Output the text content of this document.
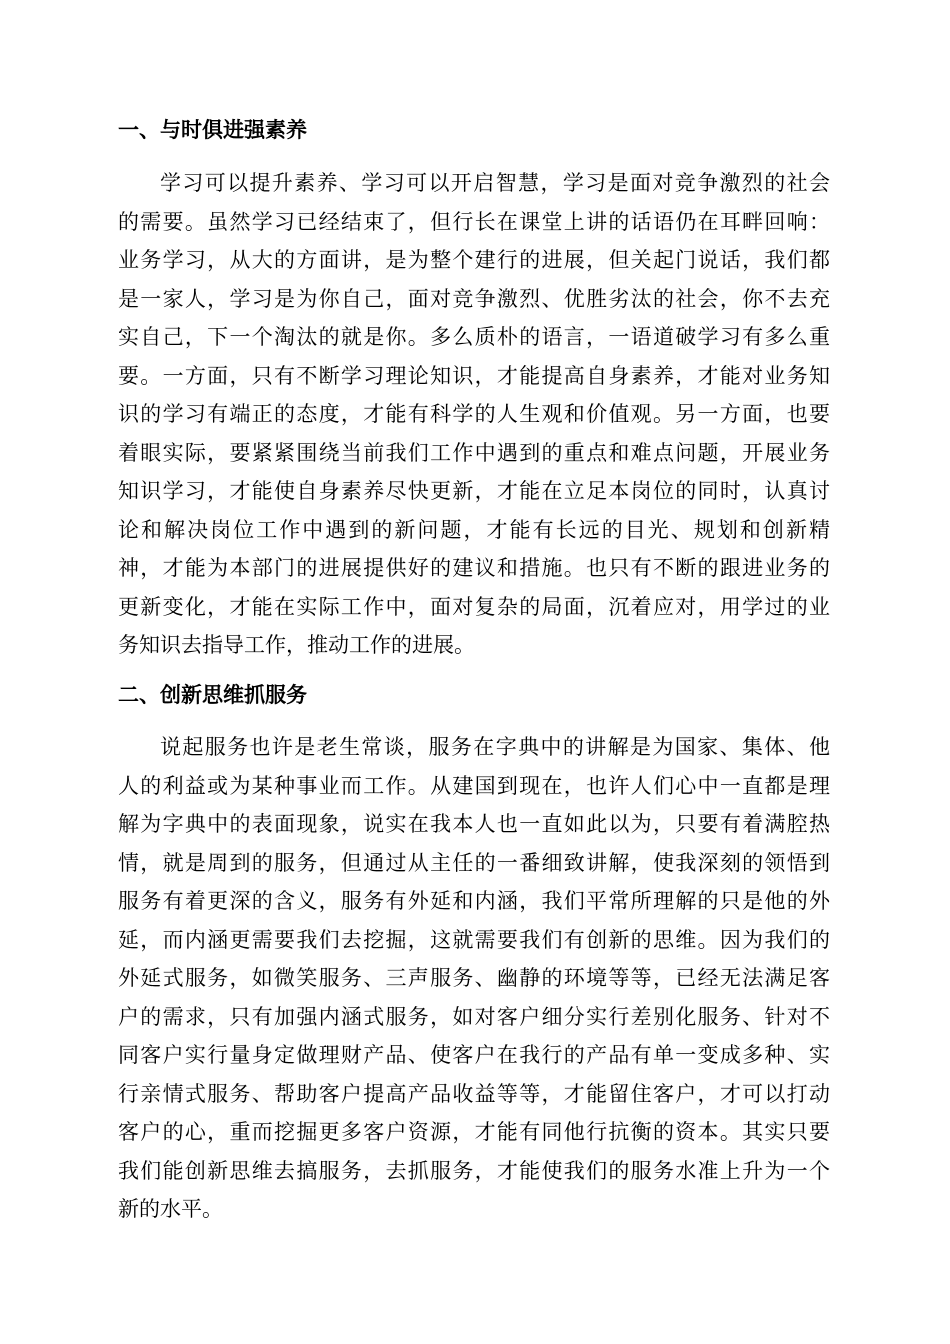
一、与时俱进强素养
学习可以提升素养、学习可以开启智慧，学习是面对竞争激烈的社会
的需要。虽然学习已经结束了，但行长在课堂上讲的话语仍在耳畔回响：
业务学习，从大的方面讲，是为整个建行的进展，但关起门说话，我们都
是一家人，学习是为你自己，面对竞争激烈、优胜劣汰的社会，你不去充
实自己，下一个淘汰的就是你。多么质朴的语言，一语道破学习有多么重
要。一方面，只有不断学习理论知识，才能提高自身素养，才能对业务知
识的学习有端正的态度，才能有科学的人生观和价值观。另一方面，也要
着眼实际，要紧紧围绕当前我们工作中遇到的重点和难点问题，开展业务
知识学习，才能使自身素养尽快更新，才能在立足本岗位的同时，认真讨
论和解决岗位工作中遇到的新问题，才能有长远的目光、规划和创新精
神，才能为本部门的进展提供好的建议和措施。也只有不断的跟进业务的
更新变化，才能在实际工作中，面对复杂的局面，沉着应对，用学过的业
务知识去指导工作，推动工作的进展。
二、创新思维抓服务
说起服务也许是老生常谈，服务在字典中的讲解是为国家、集体、他
人的利益或为某种事业而工作。从建国到现在，也许人们心中一直都是理
解为字典中的表面现象，说实在我本人也一直如此以为，只要有着满腔热
情，就是周到的服务，但通过从主任的一番细致讲解，使我深刻的领悟到
服务有着更深的含义，服务有外延和内涵，我们平常所理解的只是他的外
延，而内涵更需要我们去挖掘，这就需要我们有创新的思维。因为我们的
外延式服务，如微笑服务、三声服务、幽静的环境等等，已经无法满足客
户的需求，只有加强内涵式服务，如对客户细分实行差别化服务、针对不
同客户实行量身定做理财产品、使客户在我行的产品有单一变成多种、实
行亲情式服务、帮助客户提高产品收益等等，才能留住客户，才可以打动
客户的心，重而挖掘更多客户资源，才能有同他行抗衡的资本。其实只要
我们能创新思维去搞服务，去抓服务，才能使我们的服务水准上升为一个
新的水平。
